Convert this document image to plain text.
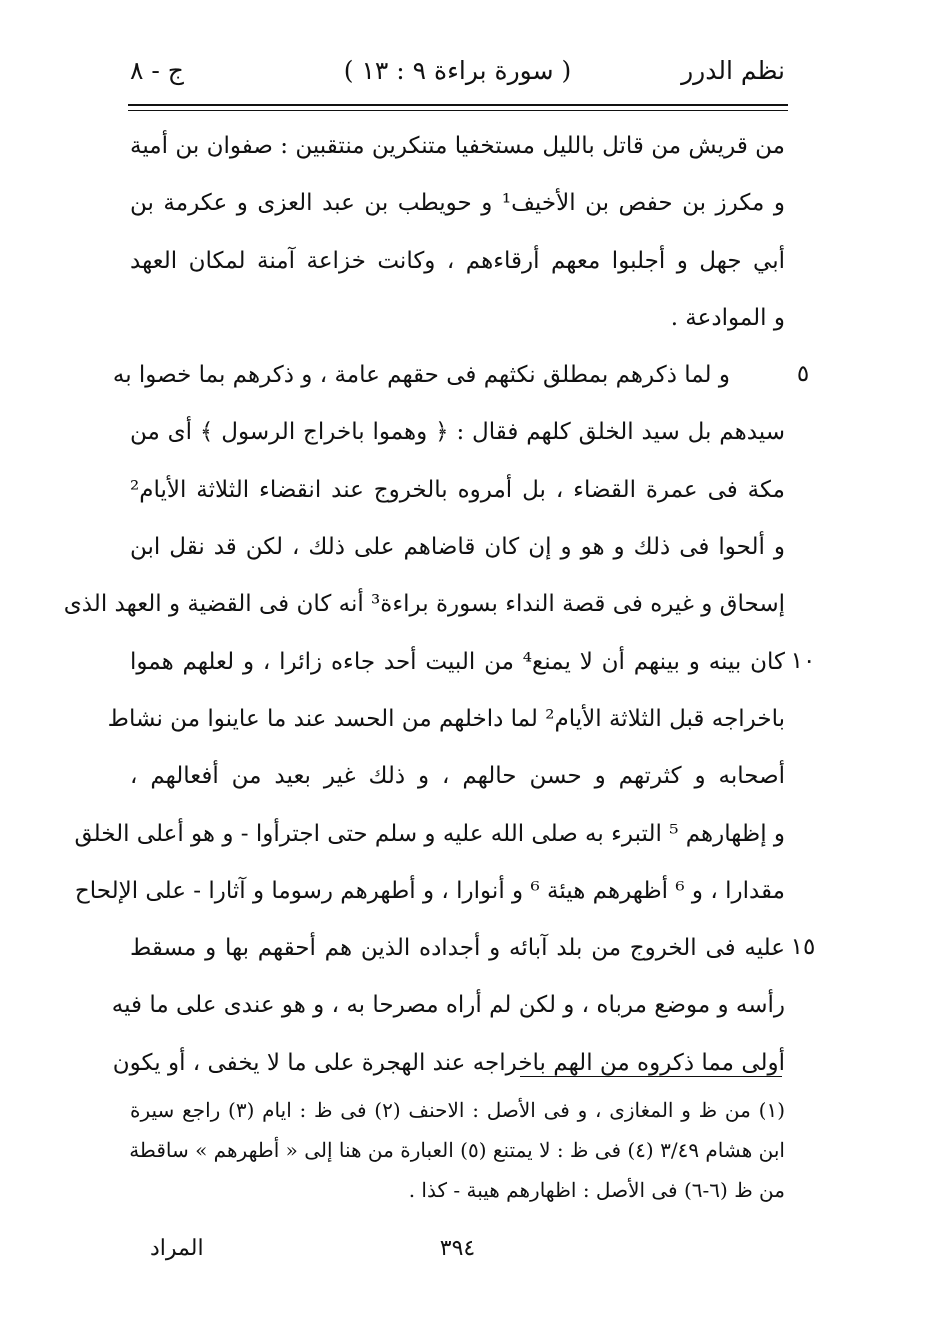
نظم الدرر
( سورة براءة ٩ : ١٣ )
ج - ٨
من قريش من قاتل بالليل مستخفيا متنكرين منتقبين : صفوان بن أمية
و مكرز بن حفص بن الأخيف¹ و حويطب بن عبد العزى و عكرمة بن
أبي جهل و أجلبوا معهم أرقاءهم ، وكانت خزاعة آمنة لمكان العهد
و الموادعة .
و لما ذكرهم بمطلق نكثهم فى حقهم عامة ، و ذكرهم بما خصوا به
سيدهم بل سيد الخلق كلهم فقال : ﴿ وهموا باخراج الرسول ﴾ أى من
مكة فى عمرة القضاء ، بل أمروه بالخروج عند انقضاء الثلاثة الأيام²
و ألحوا فى ذلك و هو و إن كان قاضاهم على ذلك ، لكن قد نقل ابن
إسحاق و غيره فى قصة النداء بسورة براءة³ أنه كان فى القضية و العهد الذى
كان بينه و بينهم أن لا يمنع⁴ من البيت أحد جاءه زائرا ، و لعلهم هموا
باخراجه قبل الثلاثة الأيام² لما داخلهم من الحسد عند ما عاينوا من نشاط
أصحابه و كثرتهم و حسن حالهم ، و ذلك غير بعيد من أفعالهم ،
و إظهارهم ⁵ التبرء به صلى الله عليه و سلم حتى اجترأوا - و هو أعلى الخلق
مقدارا ، و ⁶ أظهرهم هيئة ⁶ و أنوارا ، و أطهرهم رسوما و آثارا - على الإلحاح
عليه فى الخروج من بلد آبائه و أجداده الذين هم أحقهم بها و مسقط
رأسه و موضع مرباه ، و لكن لم أراه مصرحا به ، و هو عندى على ما فيه
أولى مما ذكروه من الهم باخراجه عند الهجرة على ما لا يخفى ، أو يكون
(١) من ظ و المغازى ، و فى الأصل : الاحنف (٢) فى ظ : ايام (٣) راجع سيرة
ابن هشام ٣/٤٩ (٤) فى ظ : لا يمتنع (٥) العبارة من هنا إلى « أطهرهم » ساقطة
من ظ (٦-٦) فى الأصل : اظهارهم هيبة - كذا .
٣٩٤
المراد
٥
١٠
١٥
